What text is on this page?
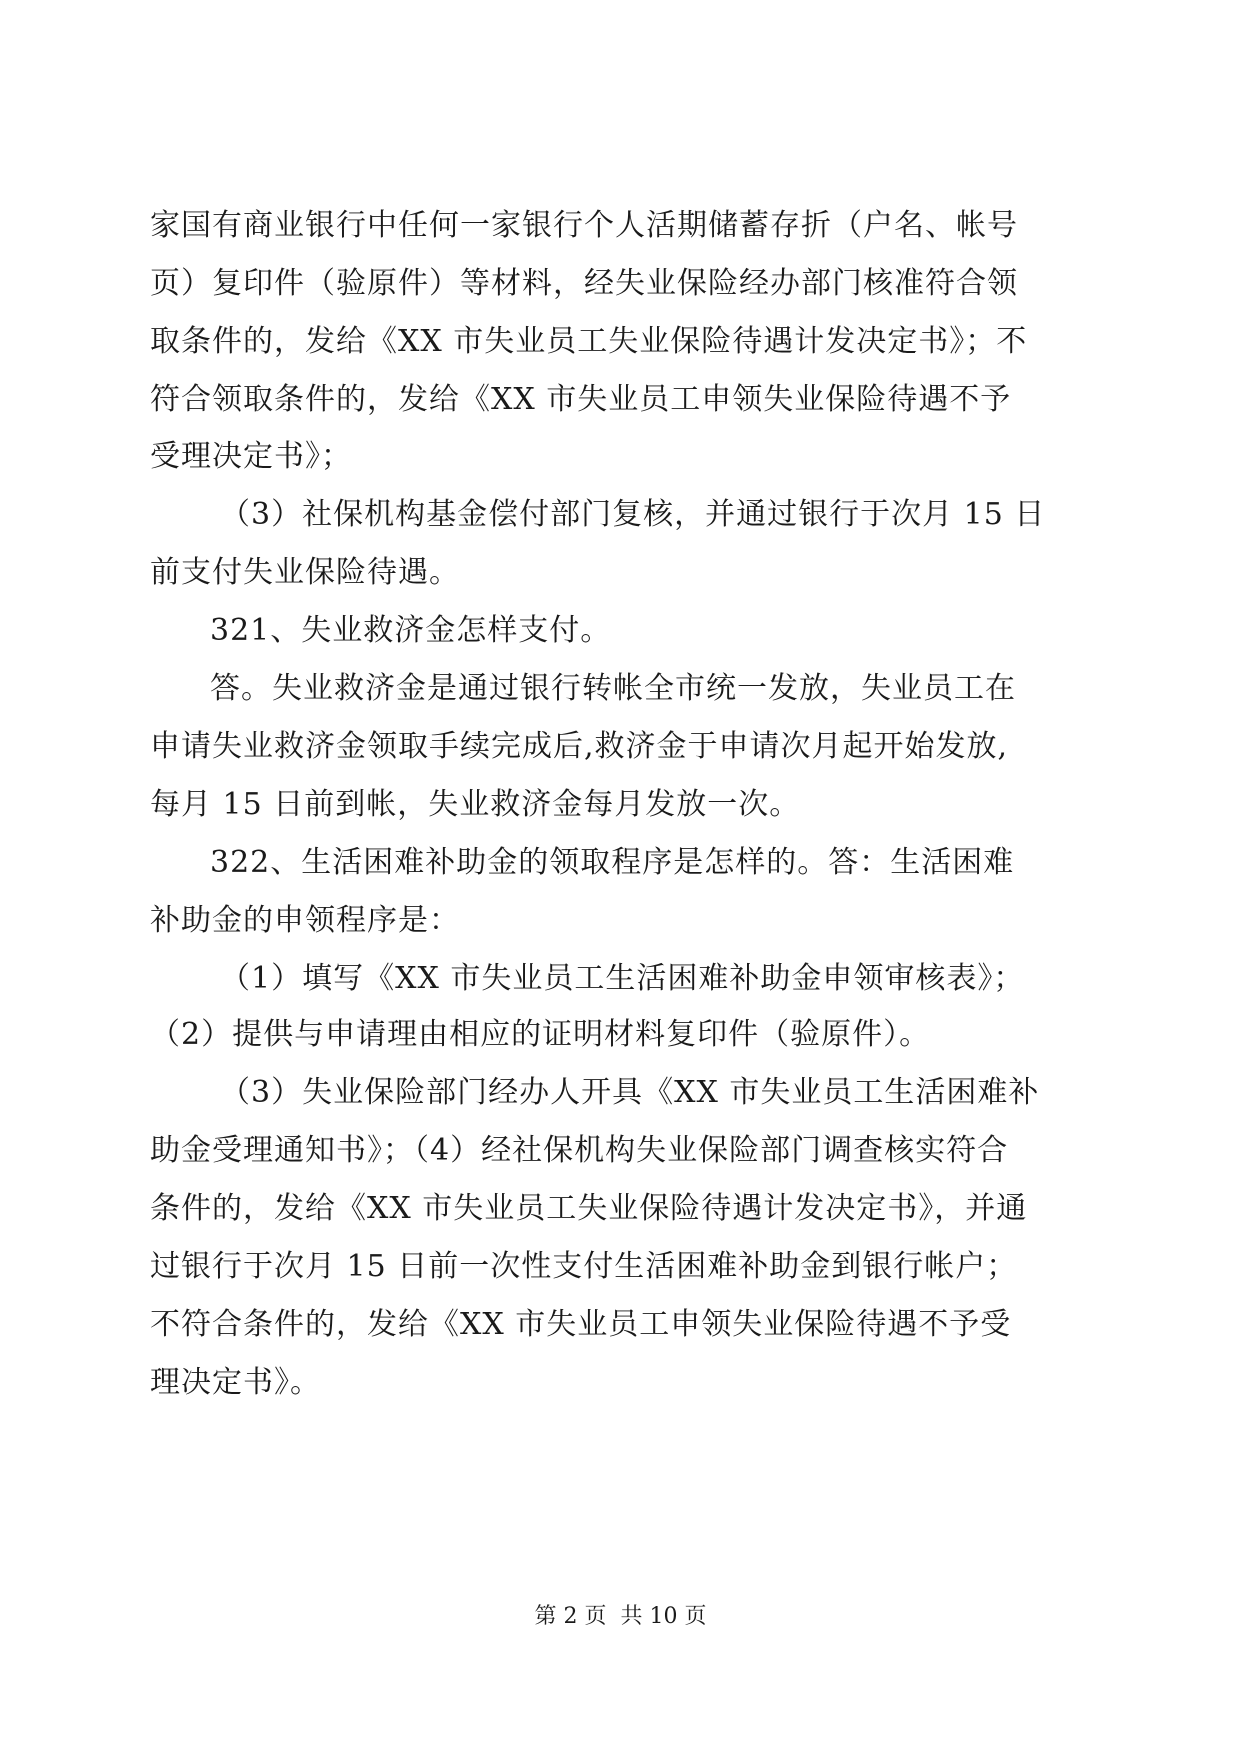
家国有商业银行中任何一家银行个人活期储蓄存折（户名、帐号
页）复印件（验原件）等材料，经失业保险经办部门核准符合领
取条件的，发给《XX 市失业员工失业保险待遇计发决定书》；不
符合领取条件的，发给《XX 市失业员工申领失业保险待遇不予
受理决定书》；
（3）社保机构基金偿付部门复核，并通过银行于次月 15 日
前支付失业保险待遇。
321、失业救济金怎样支付。
答。失业救济金是通过银行转帐全市统一发放，失业员工在
申请失业救济金领取手续完成后,救济金于申请次月起开始发放,
每月 15 日前到帐，失业救济金每月发放一次。
322、生活困难补助金的领取程序是怎样的。答：生活困难
补助金的申领程序是：
（1）填写《XX 市失业员工生活困难补助金申领审核表》；
（2）提供与申请理由相应的证明材料复印件（验原件）。
（3）失业保险部门经办人开具《XX 市失业员工生活困难补
助金受理通知书》；（4）经社保机构失业保险部门调查核实符合
条件的，发给《XX 市失业员工失业保险待遇计发决定书》，并通
过银行于次月 15 日前一次性支付生活困难补助金到银行帐户；
不符合条件的，发给《XX 市失业员工申领失业保险待遇不予受
理决定书》。
第 2 页  共 10 页
